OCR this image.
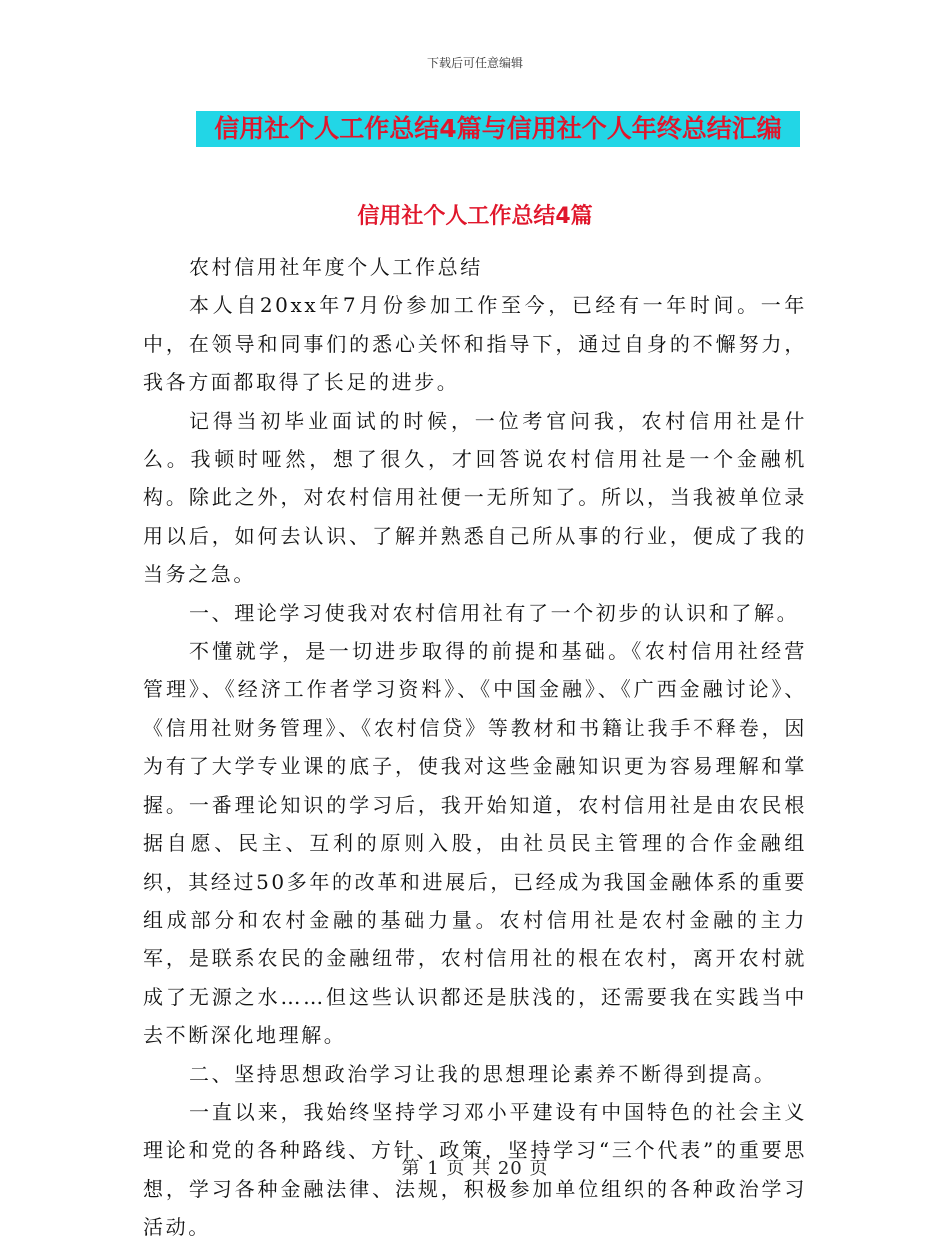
下载后可任意编辑
信用社个人工作总结4篇与信用社个人年终总结汇编
信用社个人工作总结4篇

农村信用社年度个人工作总结

本人自20xx年7月份参加工作至今，已经有一年时间。一年中，在领导和同事们的悉心关怀和指导下，通过自身的不懈努力，我各方面都取得了长足的进步。

记得当初毕业面试的时候，一位考官问我，农村信用社是什么。我顿时哑然，想了很久，才回答说农村信用社是一个金融机构。除此之外，对农村信用社便一无所知了。所以，当我被单位录用以后，如何去认识、了解并熟悉自己所从事的行业，便成了我的当务之急。

一、理论学习使我对农村信用社有了一个初步的认识和了解。

不懂就学，是一切进步取得的前提和基础。《农村信用社经营管理》、《经济工作者学习资料》、《中国金融》、《广西金融讨论》、《信用社财务管理》、《农村信贷》等教材和书籍让我手不释卷，因为有了大学专业课的底子，使我对这些金融知识更为容易理解和掌握。一番理论知识的学习后，我开始知道，农村信用社是由农民根据自愿、民主、互利的原则入股，由社员民主管理的合作金融组织，其经过50多年的改革和进展后，已经成为我国金融体系的重要组成部分和农村金融的基础力量。农村信用社是农村金融的主力军，是联系农民的金融纽带，农村信用社的根在农村，离开农村就成了无源之水……但这些认识都还是肤浅的，还需要我在实践当中去不断深化地理解。

二、坚持思想政治学习让我的思想理论素养不断得到提高。

一直以来，我始终坚持学习邓小平建设有中国特色的社会主义理论和党的各种路线、方针、政策，坚持学习“三个代表”的重要思想，学习各种金融法律、法规，积极参加单位组织的各种政治学习活动。

第 1 页 共 20 页
